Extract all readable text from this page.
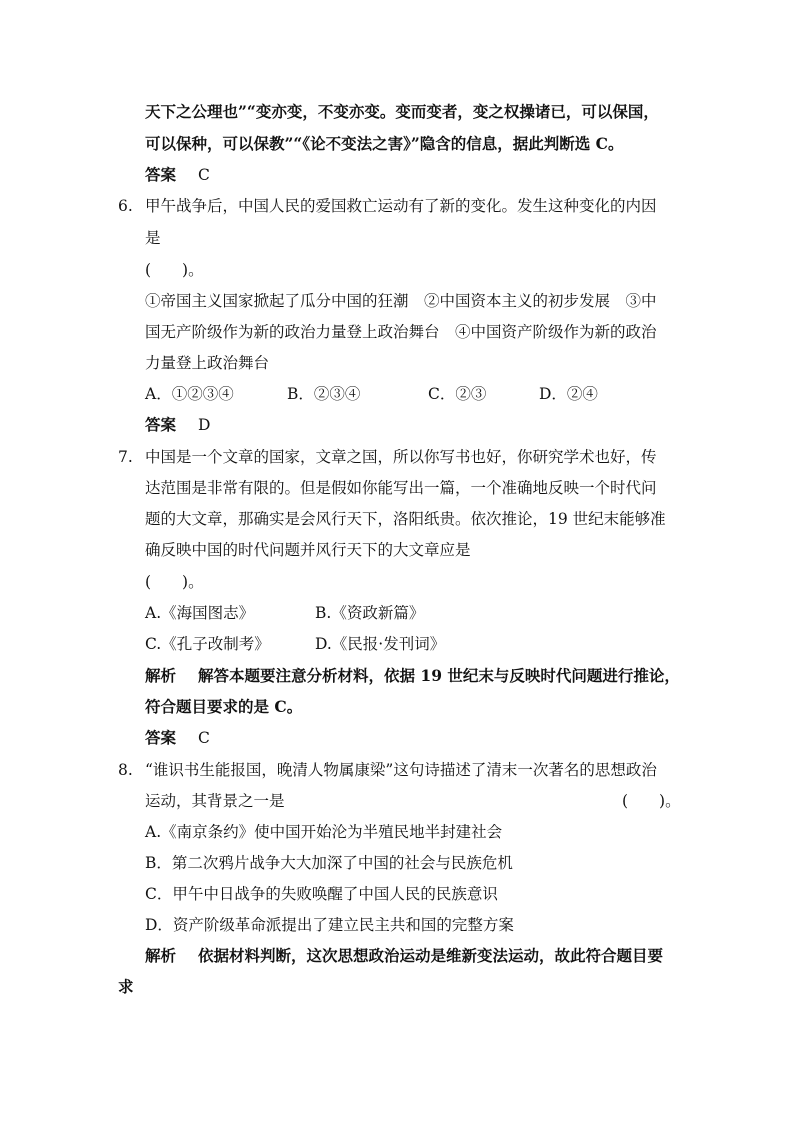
天下之公理也”“变亦变，不变亦变。变而变者，变之权操诸已，可以保国，
可以保种，可以保教”“《论不变法之害》”隐含的信息，据此判断选 C。
答案 C
6. 甲午战争后，中国人民的爱国救亡运动有了新的变化。发生这种变化的内因
是
(　　)。
①帝国主义国家掀起了瓜分中国的狂潮　②中国资本主义的初步发展　③中
国无产阶级作为新的政治力量登上政治舞台　④中国资产阶级作为新的政治
力量登上政治舞台
A．①②③④	B．②③④	C．②③	D．②④
答案 D
7. 中国是一个文章的国家，文章之国，所以你写书也好，你研究学术也好，传
达范围是非常有限的。但是假如你能写出一篇，一个准确地反映一个时代问
题的大文章，那确实是会风行天下，洛阳纸贵。依次推论，19 世纪末能够准
确反映中国的时代问题并风行天下的大文章应是
(　　)。
A.《海国图志》	B.《资政新篇》
C.《孔子改制考》	D.《民报·发刊词》
解析 解答本题要注意分析材料，依据 19 世纪末与反映时代问题进行推论，
符合题目要求的是 C。
答案 C
8. “谁识书生能报国，晚清人物属康梁”这句诗描述了清末一次著名的思想政治
运动，其背景之一是	(　　)。
A.《南京条约》使中国开始沦为半殖民地半封建社会
B．第二次鸦片战争大大加深了中国的社会与民族危机
C．甲午中日战争的失败唤醒了中国人民的民族意识
D．资产阶级革命派提出了建立民主共和国的完整方案
解析 依据材料判断，这次思想政治运动是维新变法运动，故此符合题目要
求
